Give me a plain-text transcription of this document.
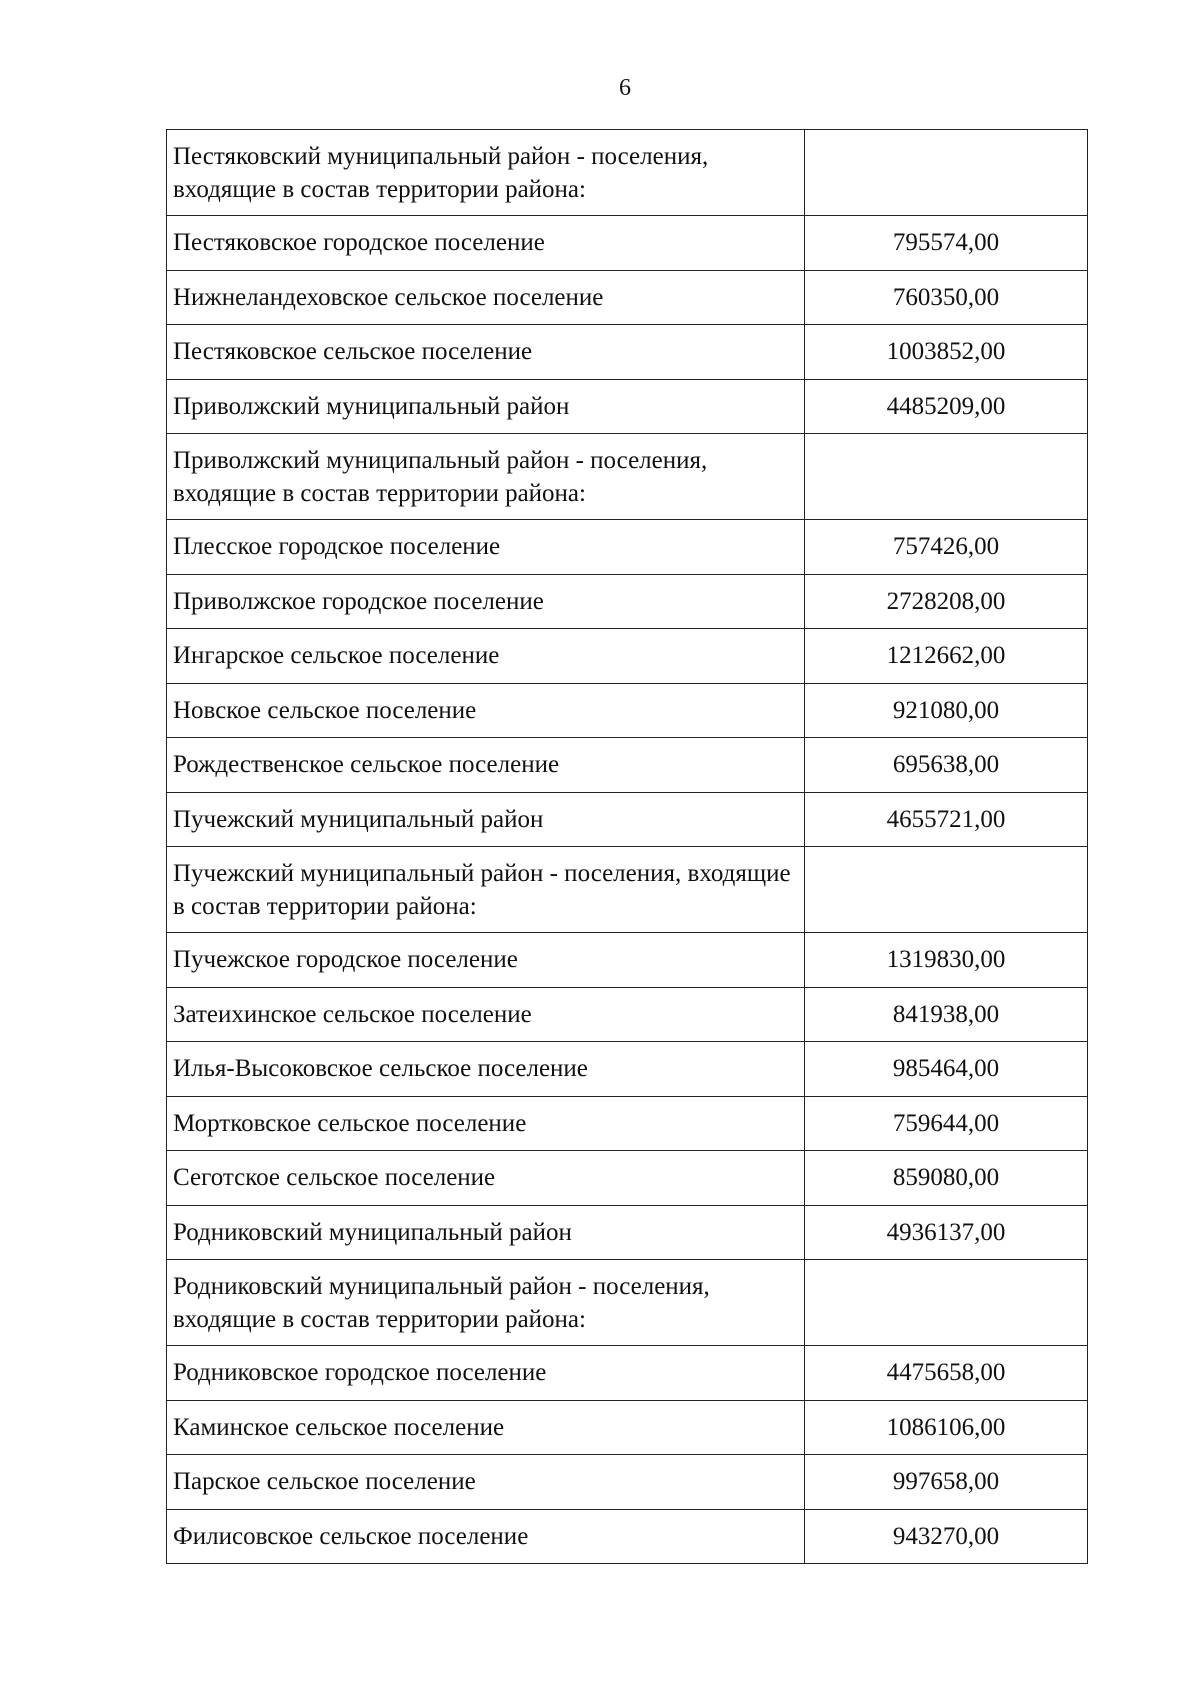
6
Пестяковский муниципальный район - поселения, входящие в состав территории района:	
Пестяковское городское поселение	795574,00
Нижнеландеховское сельское поселение	760350,00
Пестяковское сельское поселение	1003852,00
Приволжский муниципальный район	4485209,00
Приволжский муниципальный район - поселения, входящие в состав территории района:	
Плесское городское поселение	757426,00
Приволжское городское поселение	2728208,00
Ингарское сельское поселение	1212662,00
Новское сельское поселение	921080,00
Рождественское сельское поселение	695638,00
Пучежский муниципальный район	4655721,00
Пучежский муниципальный район - поселения, входящие в состав территории района:	
Пучежское городское поселение	1319830,00
Затеихинское сельское поселение	841938,00
Илья-Высоковское сельское поселение	985464,00
Мортковское сельское поселение	759644,00
Сеготское сельское поселение	859080,00
Родниковский муниципальный район	4936137,00
Родниковский муниципальный район - поселения, входящие в состав территории района:	
Родниковское городское поселение	4475658,00
Каминское сельское поселение	1086106,00
Парское сельское поселение	997658,00
Филисовское сельское поселение	943270,00
